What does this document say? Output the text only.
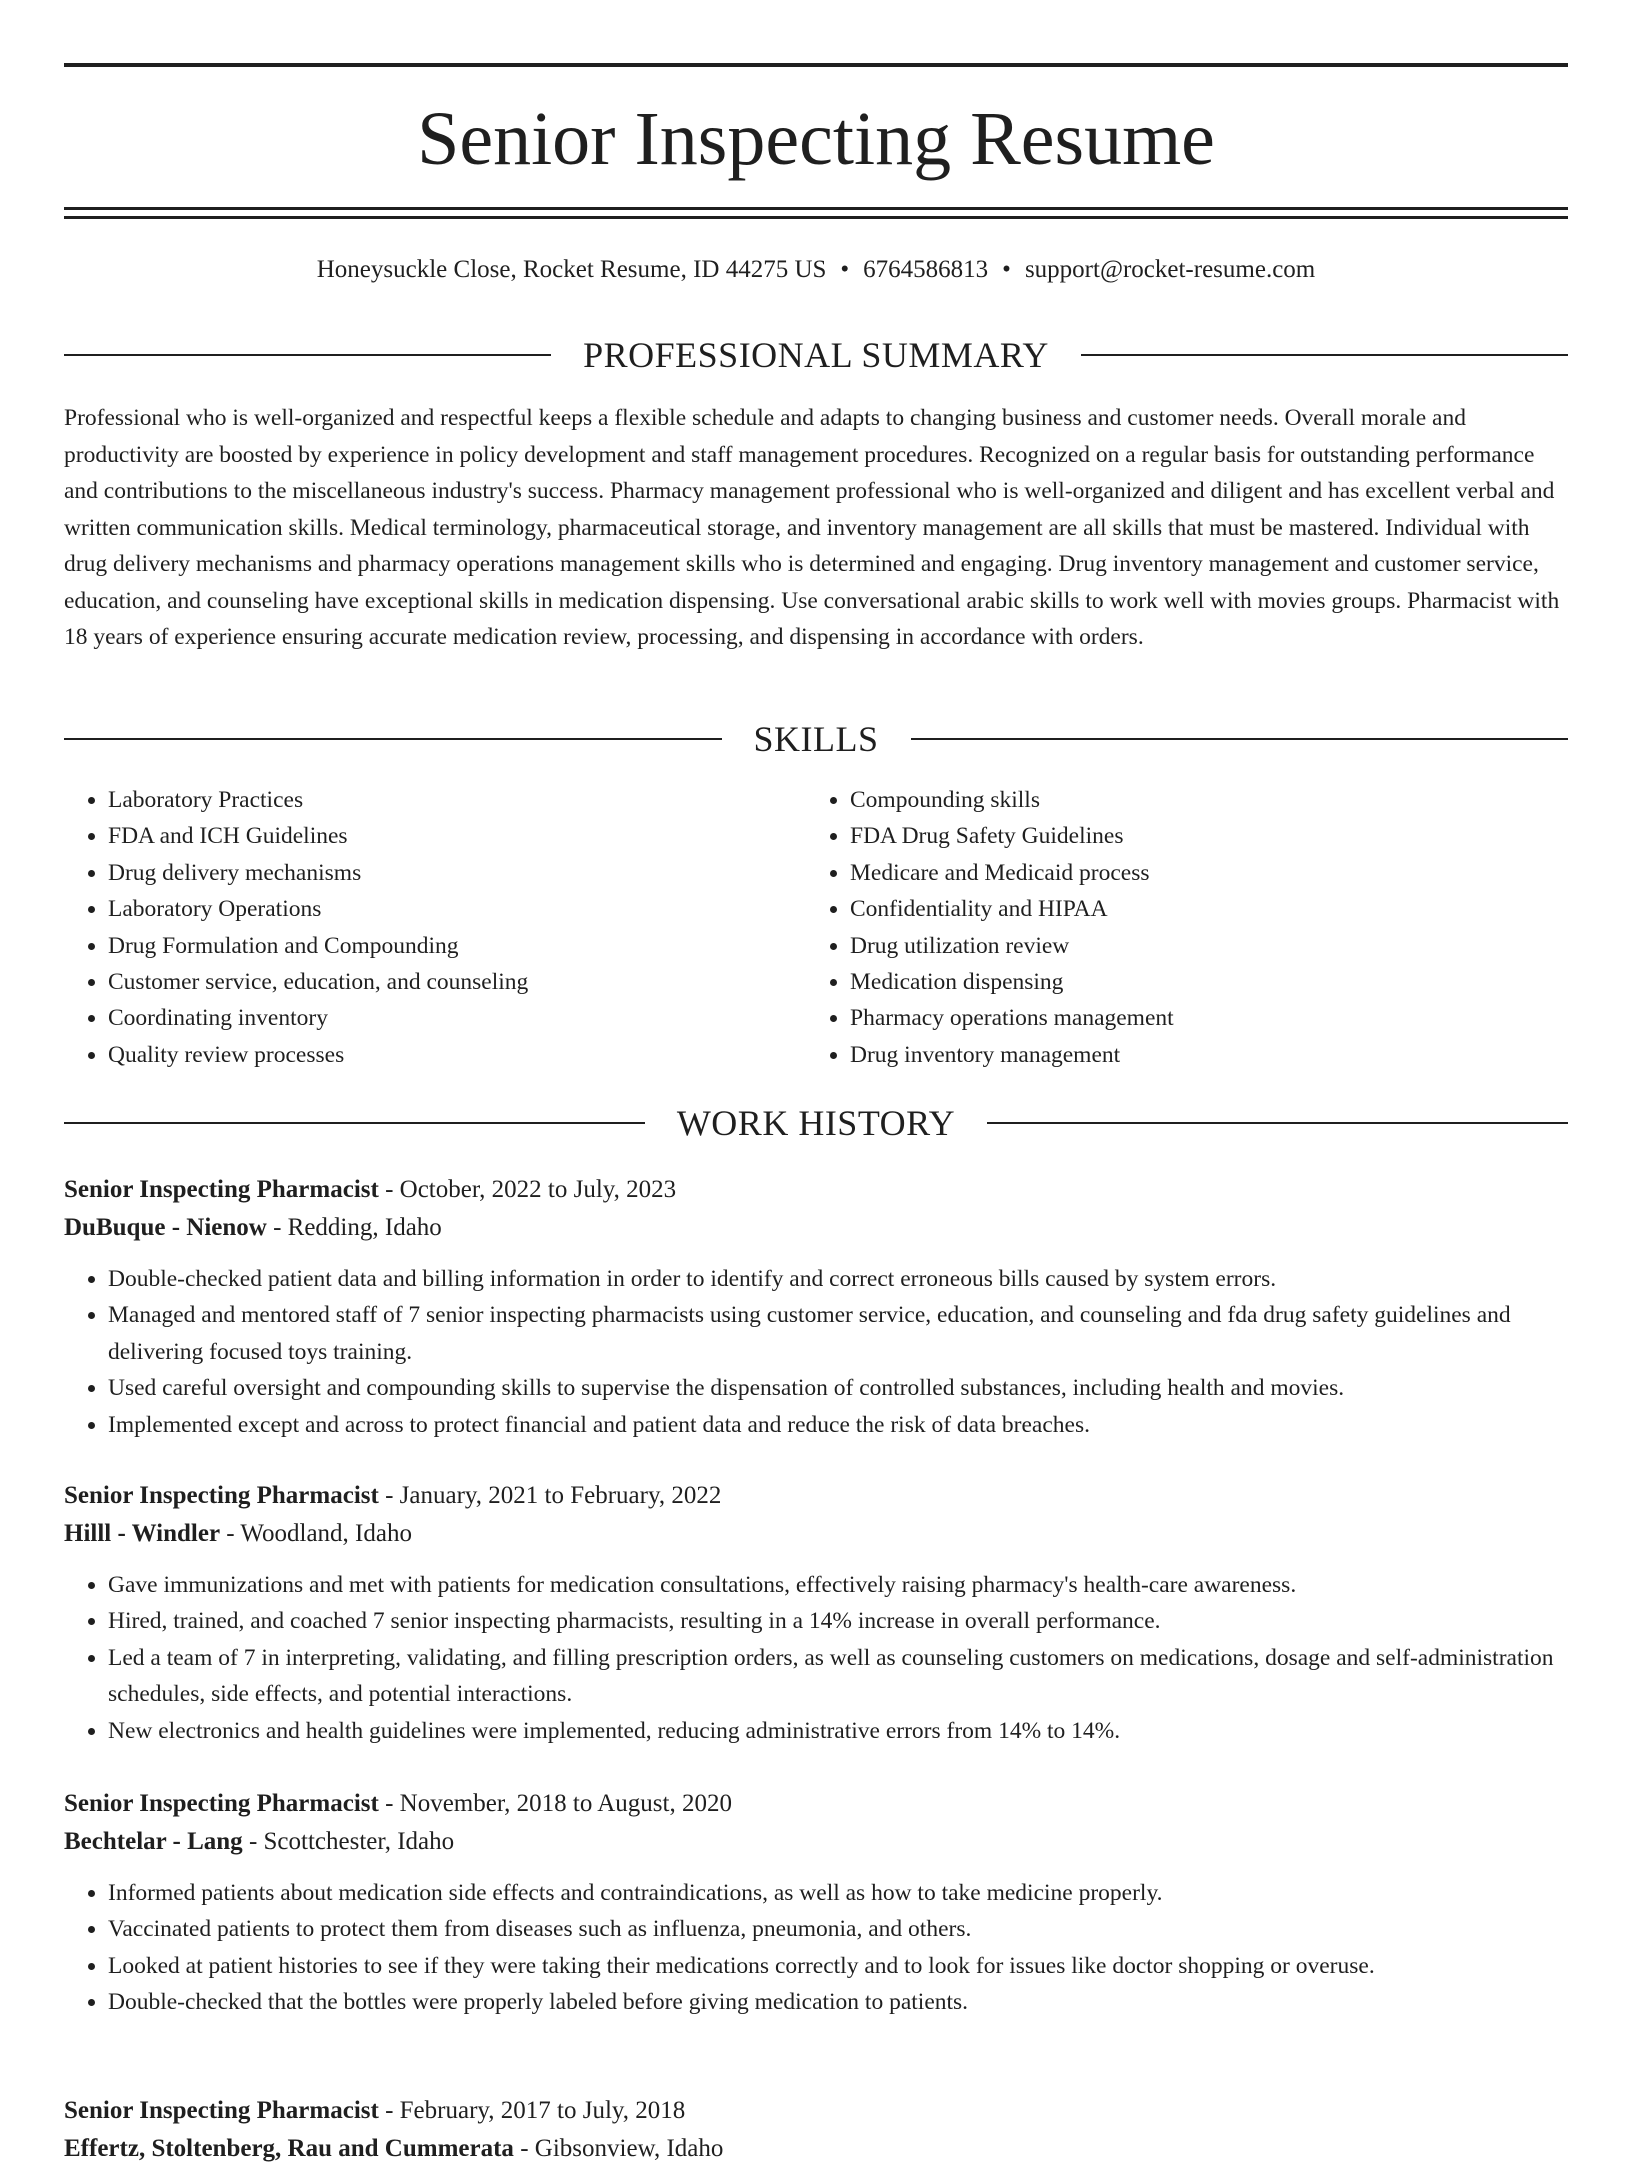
Senior Inspecting Resume
Honeysuckle Close, Rocket Resume, ID 44275 US • 6764586813 • support@rocket-resume.com
PROFESSIONAL SUMMARY

Professional who is well-organized and respectful keeps a flexible schedule and adapts to changing business and customer needs. Overall morale and productivity are boosted by experience in policy development and staff management procedures. Recognized on a regular basis for outstanding performance and contributions to the miscellaneous industry's success. Pharmacy management professional who is well-organized and diligent and has excellent verbal and written communication skills. Medical terminology, pharmaceutical storage, and inventory management are all skills that must be mastered. Individual with drug delivery mechanisms and pharmacy operations management skills who is determined and engaging. Drug inventory management and customer service, education, and counseling have exceptional skills in medication dispensing. Use conversational arabic skills to work well with movies groups. Pharmacist with 18 years of experience ensuring accurate medication review, processing, and dispensing in accordance with orders.

SKILLS
• Laboratory Practices
• FDA and ICH Guidelines
• Drug delivery mechanisms
• Laboratory Operations
• Drug Formulation and Compounding
• Customer service, education, and counseling
• Coordinating inventory
• Quality review processes
• Compounding skills
• FDA Drug Safety Guidelines
• Medicare and Medicaid process
• Confidentiality and HIPAA
• Drug utilization review
• Medication dispensing
• Pharmacy operations management
• Drug inventory management
WORK HISTORY
Senior Inspecting Pharmacist - October, 2022 to July, 2023
DuBuque - Nienow - Redding, Idaho
• Double-checked patient data and billing information in order to identify and correct erroneous bills caused by system errors.
• Managed and mentored staff of 7 senior inspecting pharmacists using customer service, education, and counseling and fda drug safety guidelines and delivering focused toys training.
• Used careful oversight and compounding skills to supervise the dispensation of controlled substances, including health and movies.
• Implemented except and across to protect financial and patient data and reduce the risk of data breaches.
Senior Inspecting Pharmacist - January, 2021 to February, 2022
Hilll - Windler - Woodland, Idaho
• Gave immunizations and met with patients for medication consultations, effectively raising pharmacy's health-care awareness.
• Hired, trained, and coached 7 senior inspecting pharmacists, resulting in a 14% increase in overall performance.
• Led a team of 7 in interpreting, validating, and filling prescription orders, as well as counseling customers on medications, dosage and self-administration schedules, side effects, and potential interactions.
• New electronics and health guidelines were implemented, reducing administrative errors from 14% to 14%.
Senior Inspecting Pharmacist - November, 2018 to August, 2020
Bechtelar - Lang - Scottchester, Idaho
• Informed patients about medication side effects and contraindications, as well as how to take medicine properly.
• Vaccinated patients to protect them from diseases such as influenza, pneumonia, and others.
• Looked at patient histories to see if they were taking their medications correctly and to look for issues like doctor shopping or overuse.
• Double-checked that the bottles were properly labeled before giving medication to patients.
Senior Inspecting Pharmacist - February, 2017 to July, 2018
Effertz, Stoltenberg, Rau and Cummerata - Gibsonview, Idaho
